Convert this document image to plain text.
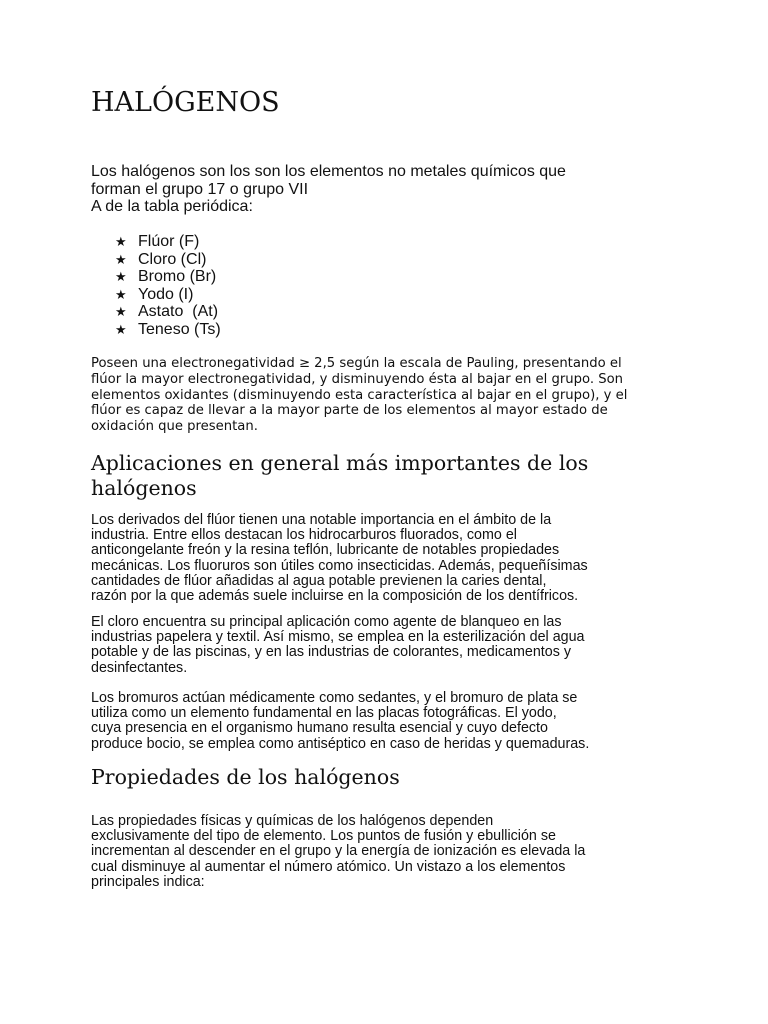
HALÓGENOS

Los halógenos son los son los elementos no metales químicos que
forman el grupo 17 o grupo VII
A de la tabla periódica:

★ Flúor (F)
★ Cloro (Cl)
★ Bromo (Br)
★ Yodo (I)
★ Astato  (At)
★ Teneso (Ts)

Poseen una electronegatividad ≥ 2,5 según la escala de Pauling, presentando el
flúor la mayor electronegatividad, y disminuyendo ésta al bajar en el grupo. Son
elementos oxidantes (disminuyendo esta característica al bajar en el grupo), y el
flúor es capaz de llevar a la mayor parte de los elementos al mayor estado de
oxidación que presentan.

Aplicaciones en general más importantes de los
halógenos

Los derivados del flúor tienen una notable importancia en el ámbito de la
industria. Entre ellos destacan los hidrocarburos fluorados, como el
anticongelante freón y la resina teflón, lubricante de notables propiedades
mecánicas. Los fluoruros son útiles como insecticidas. Además, pequeñísimas
cantidades de flúor añadidas al agua potable previenen la caries dental,
razón por la que además suele incluirse en la composición de los dentífricos.

El cloro encuentra su principal aplicación como agente de blanqueo en las
industrias papelera y textil. Así mismo, se emplea en la esterilización del agua
potable y de las piscinas, y en las industrias de colorantes, medicamentos y
desinfectantes.

Los bromuros actúan médicamente como sedantes, y el bromuro de plata se
utiliza como un elemento fundamental en las placas fotográficas. El yodo,
cuya presencia en el organismo humano resulta esencial y cuyo defecto
produce bocio, se emplea como antiséptico en caso de heridas y quemaduras.

Propiedades de los halógenos

Las propiedades físicas y químicas de los halógenos dependen
exclusivamente del tipo de elemento. Los puntos de fusión y ebullición se
incrementan al descender en el grupo y la energía de ionización es elevada la
cual disminuye al aumentar el número atómico. Un vistazo a los elementos
principales indica:
